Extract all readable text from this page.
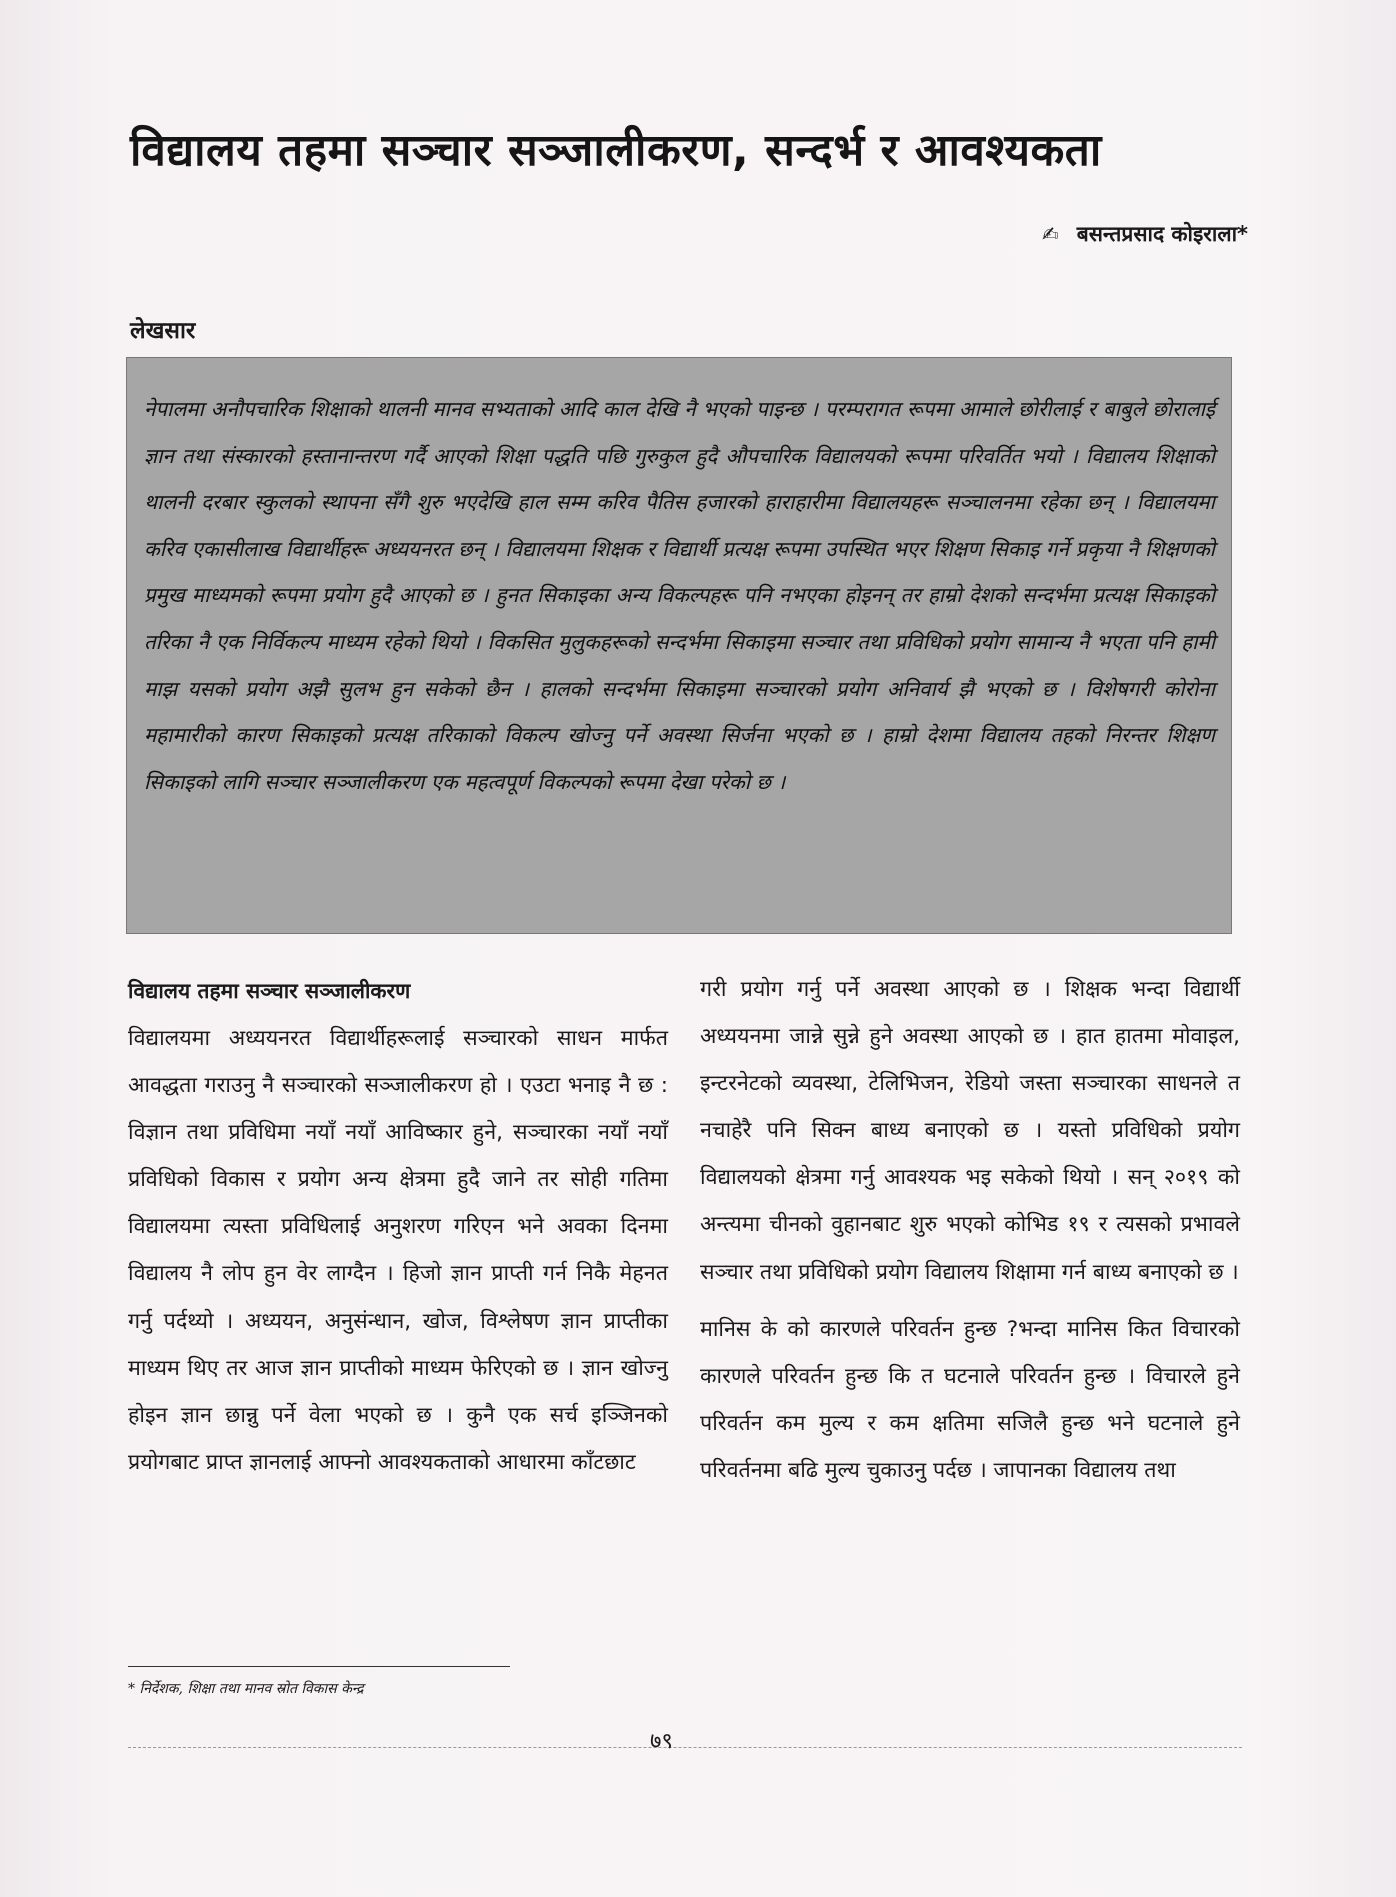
विद्यालय तहमा सञ्चार सञ्जालीकरण, सन्दर्भ र आवश्यकता
✍ बसन्तप्रसाद कोइराला*
लेखसार
नेपालमा अनौपचारिक शिक्षाको थालनी मानव सभ्यताको आदि काल देखि नै भएको पाइन्छ । परम्परागत रूपमा आमाले छोरीलाई र बाबुले छोरालाई ज्ञान तथा संस्कारको हस्तानान्तरण गर्दै आएको शिक्षा पद्धति पछि गुरुकुल हुदै औपचारिक विद्यालयको रूपमा परिवर्तित भयो । विद्यालय शिक्षाको थालनी दरबार स्कुलको स्थापना सँगै शुरु भएदेखि हाल सम्म करिव पैतिस हजारको हाराहारीमा विद्यालयहरू सञ्चालनमा रहेका छन् । विद्यालयमा करिव एकासीलाख विद्यार्थीहरू अध्ययनरत छन् । विद्यालयमा शिक्षक र विद्यार्थी प्रत्यक्ष रूपमा उपस्थित भएर शिक्षण सिकाइ गर्ने प्रकृया नै शिक्षणको प्रमुख माध्यमको रूपमा प्रयोग हुदै आएको छ । हुनत सिकाइका अन्य विकल्पहरू पनि नभएका होइनन् तर हाम्रो देशको सन्दर्भमा प्रत्यक्ष सिकाइको तरिका नै एक निर्विकल्प माध्यम रहेको थियो । विकसित मुलुकहरूको सन्दर्भमा सिकाइमा सञ्चार तथा प्रविधिको प्रयोग सामान्य नै भएता पनि हामी माझ यसको प्रयोग अझै सुलभ हुन सकेको छैन । हालको सन्दर्भमा सिकाइमा सञ्चारको प्रयोग अनिवार्य झै भएको छ । विशेषगरी कोरोना महामारीको कारण सिकाइको प्रत्यक्ष तरिकाको विकल्प खोज्नु पर्ने अवस्था सिर्जना भएको छ । हाम्रो देशमा विद्यालय तहको निरन्तर शिक्षण सिकाइको लागि सञ्चार सञ्जालीकरण एक महत्वपूर्ण विकल्पको रूपमा देखा परेको छ ।
विद्यालय तहमा सञ्चार सञ्जालीकरण

विद्यालयमा अध्ययनरत विद्यार्थीहरूलाई सञ्चारको साधन मार्फत आवद्धता गराउनु नै सञ्चारको सञ्जालीकरण हो । एउटा भनाइ नै छ : विज्ञान तथा प्रविधिमा नयाँ नयाँ आविष्कार हुने, सञ्चारका नयाँ नयाँ प्रविधिको विकास र प्रयोग अन्य क्षेत्रमा हुदै जाने तर सोही गतिमा विद्यालयमा त्यस्ता प्रविधिलाई अनुशरण गरिएन भने अवका दिनमा विद्यालय नै लोप हुन वेर लाग्दैन । हिजो ज्ञान प्राप्ती गर्न निकै मेहनत गर्नु पर्दथ्यो । अध्ययन, अनुसंन्धान, खोज, विश्लेषण ज्ञान प्राप्तीका माध्यम थिए तर आज ज्ञान प्राप्तीको माध्यम फेरिएको छ । ज्ञान खोज्नु होइन ज्ञान छान्नु पर्ने वेला भएको छ । कुनै एक सर्च इञ्जिनको प्रयोगबाट प्राप्त ज्ञानलाई आफ्नो आवश्यकताको आधारमा काँटछाट

गरी प्रयोग गर्नु पर्ने अवस्था आएको छ । शिक्षक भन्दा विद्यार्थी अध्ययनमा जान्ने सुन्ने हुने अवस्था आएको छ । हात हातमा मोवाइल, इन्टरनेटको व्यवस्था, टेलिभिजन, रेडियो जस्ता सञ्चारका साधनले त नचाहेरै पनि सिक्न बाध्य बनाएको छ । यस्तो प्रविधिको प्रयोग विद्यालयको क्षेत्रमा गर्नु आवश्यक भइ सकेको थियो । सन् २०१९ को अन्त्यमा चीनको वुहानबाट शुरु भएको कोभिड १९ र त्यसको प्रभावले सञ्चार तथा प्रविधिको प्रयोग विद्यालय शिक्षामा गर्न बाध्य बनाएको छ ।

मानिस के को कारणले परिवर्तन हुन्छ ?भन्दा मानिस कित विचारको कारणले परिवर्तन हुन्छ कि त घटनाले परिवर्तन हुन्छ । विचारले हुने परिवर्तन कम मुल्य र कम क्षतिमा सजिलै हुन्छ भने घटनाले हुने परिवर्तनमा बढि मुल्य चुकाउनु पर्दछ । जापानका विद्यालय तथा

* निर्देशक, शिक्षा तथा मानव स्रोत विकास केन्द्र
७९
